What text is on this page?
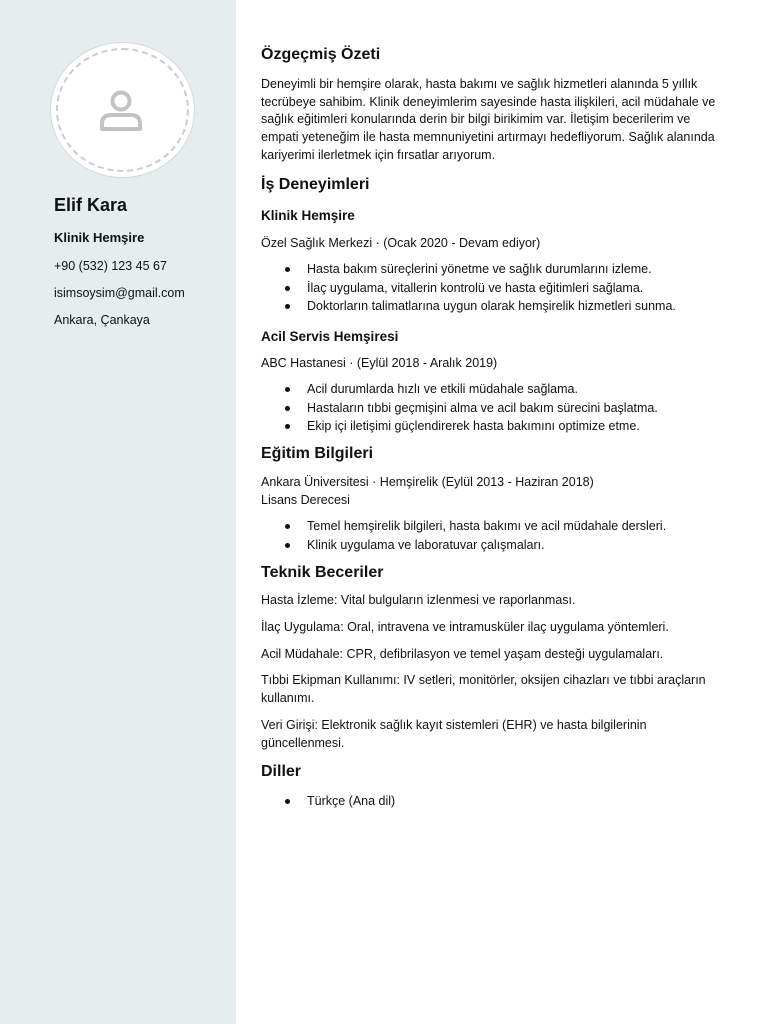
Elif Kara
Klinik Hemşire
+90 (532) 123 45 67
isimsoysim@gmail.com
Ankara, Çankaya
Özgeçmiş Özeti
Deneyimli bir hemşire olarak, hasta bakımı ve sağlık hizmetleri alanında 5 yıllık tecrübeye sahibim. Klinik deneyimlerim sayesinde hasta ilişkileri, acil müdahale ve sağlık eğitimleri konularında derin bir bilgi birikimim var. İletişim becerilerim ve empati yeteneğim ile hasta memnuniyetini artırmayı hedefliyorum. Sağlık alanında kariyerimi ilerletmek için fırsatlar arıyorum.
İş Deneyimleri
Klinik Hemşire
Özel Sağlık Merkezi · (Ocak 2020 - Devam ediyor)
Hasta bakım süreçlerini yönetme ve sağlık durumlarını izleme.
İlaç uygulama, vitallerin kontrolü ve hasta eğitimleri sağlama.
Doktorların talimatlarına uygun olarak hemşirelik hizmetleri sunma.
Acil Servis Hemşiresi
ABC Hastanesi · (Eylül 2018 - Aralık 2019)
Acil durumlarda hızlı ve etkili müdahale sağlama.
Hastaların tıbbi geçmişini alma ve acil bakım sürecini başlatma.
Ekip içi iletişimi güçlendirerek hasta bakımını optimize etme.
Eğitim Bilgileri
Ankara Üniversitesi · Hemşirelik (Eylül 2013 - Haziran 2018)
Lisans Derecesi
Temel hemşirelik bilgileri, hasta bakımı ve acil müdahale dersleri.
Klinik uygulama ve laboratuvar çalışmaları.
Teknik Beceriler
Hasta İzleme: Vital bulguların izlenmesi ve raporlanması.
İlaç Uygulama: Oral, intravena ve intramusküler ilaç uygulama yöntemleri.
Acil Müdahale: CPR, defibrilasyon ve temel yaşam desteği uygulamaları.
Tıbbi Ekipman Kullanımı: IV setleri, monitörler, oksijen cihazları ve tıbbi araçların kullanımı.
Veri Girişi: Elektronik sağlık kayıt sistemleri (EHR) ve hasta bilgilerinin güncellenmesi.
Diller
Türkçe (Ana dil)
